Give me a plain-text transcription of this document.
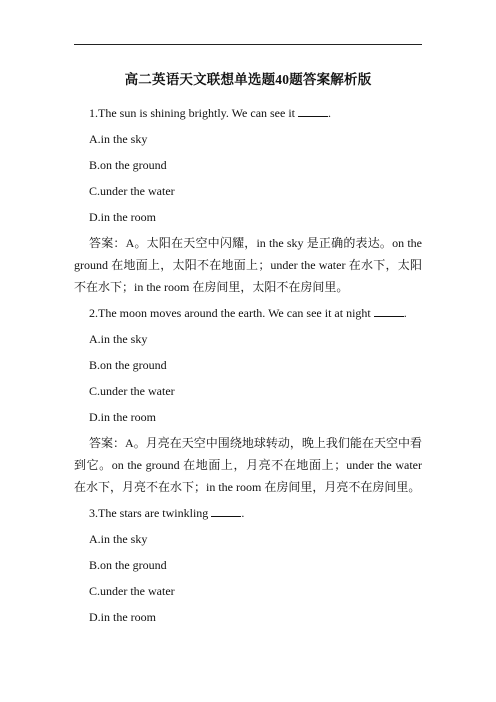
高二英语天文联想单选题40题答案解析版

1.The sun is shining brightly. We can see it	.

A.in the sky

B.on the ground

C.under the water

D.in the room

答案：A。太阳在天空中闪耀，in the sky 是正确的表达。on the ground 在地面上，太阳不在地面上；under the water 在水下，太阳不在水下；in the room 在房间里，太阳不在房间里。

2.The moon moves around the earth. We can see it at night	.

A.in the sky

B.on the ground

C.under the water

D.in the room

答案：A。月亮在天空中围绕地球转动，晚上我们能在天空中看到它。on the ground 在地面上，月亮不在地面上；under the water 在水下，月亮不在水下；in the room 在房间里，月亮不在房间里。

3.The stars are twinkling	.

A.in the sky

B.on the ground

C.under the water

D.in the room
